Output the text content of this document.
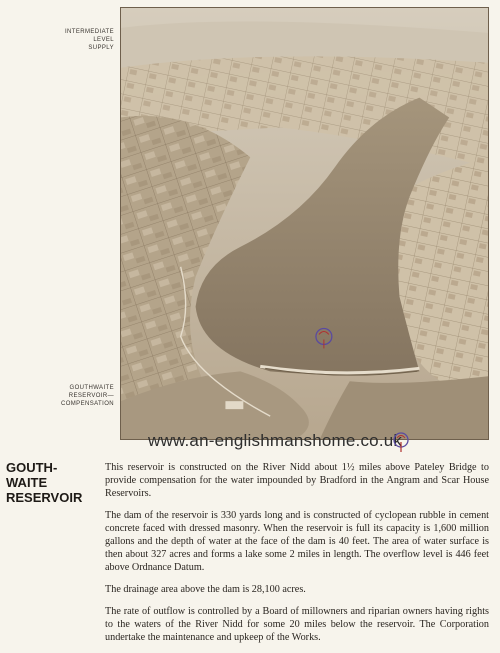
INTERMEDIATE
LEVEL
SUPPLY
GOUTHWAITE
RESERVOIR—
COMPENSATION
www.an-englishmanshome.co.uk
GOUTH-
WAITE
RESERVOIR

This reservoir is constructed on the River Nidd about 1½ miles above Pateley Bridge to provide compensation for the water impounded by Bradford in the Angram and Scar House Reservoirs.

The dam of the reservoir is 330 yards long and is constructed of cyclopean rubble in cement concrete faced with dressed masonry. When the reservoir is full its capacity is 1,600 million gallons and the depth of water at the face of the dam is 40 feet. The area of water surface is then about 327 acres and forms a lake some 2 miles in length. The overflow level is 446 feet above Ordnance Datum.

The drainage area above the dam is 28,100 acres.

The rate of outflow is controlled by a Board of millowners and riparian owners having rights to the waters of the River Nidd for some 20 miles below the reservoir. The Corporation undertake the maintenance and upkeep of the Works.
